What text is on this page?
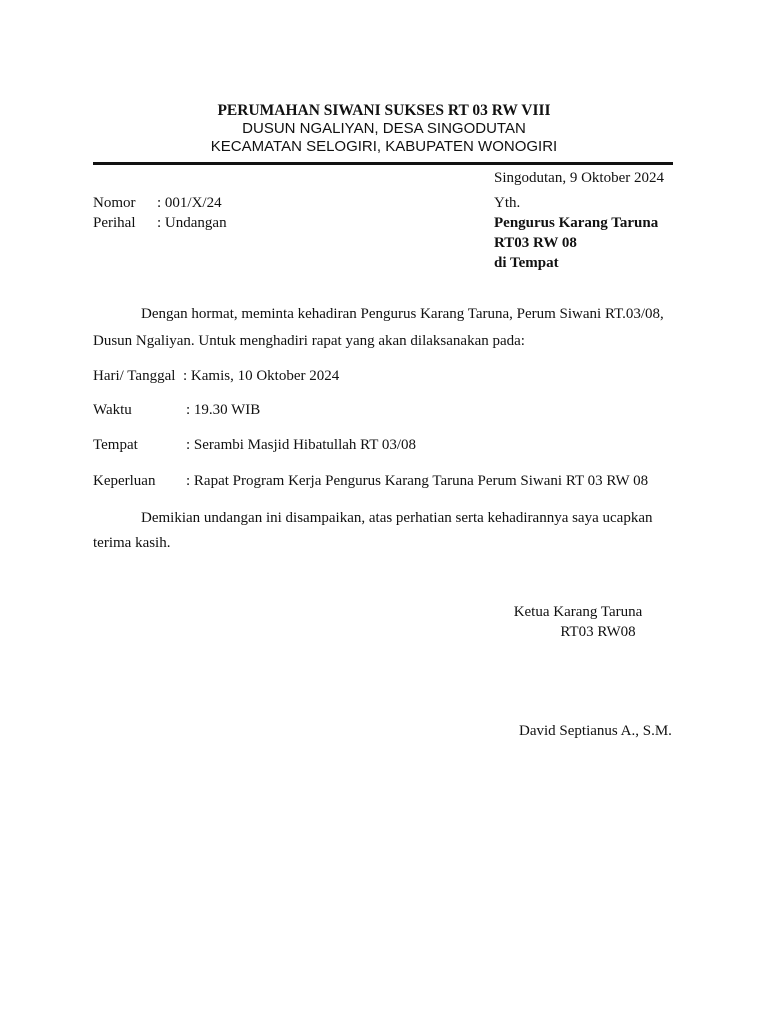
PERUMAHAN SIWANI SUKSES RT 03 RW VIII
DUSUN NGALIYAN, DESA SINGODUTAN
KECAMATAN SELOGIRI, KABUPATEN WONOGIRI
Singodutan, 9 Oktober 2024
Nomor : 001/X/24
Perihal : Undangan
Yth.
Pengurus Karang Taruna
RT03 RW 08
di Tempat
Dengan hormat, meminta kehadiran Pengurus Karang Taruna, Perum Siwani RT.03/08,
Dusun Ngaliyan. Untuk menghadiri rapat yang akan dilaksanakan pada:
Hari/ Tanggal : Kamis, 10 Oktober 2024
Waktu	: 19.30 WIB
Tempat	: Serambi Masjid Hibatullah RT 03/08
Keperluan : Rapat Program Kerja Pengurus Karang Taruna Perum Siwani RT 03 RW 08
Demikian undangan ini disampaikan, atas perhatian serta kehadirannya saya ucapkan
terima kasih.
Ketua Karang Taruna
RT03 RW08
David Septianus A., S.M.
